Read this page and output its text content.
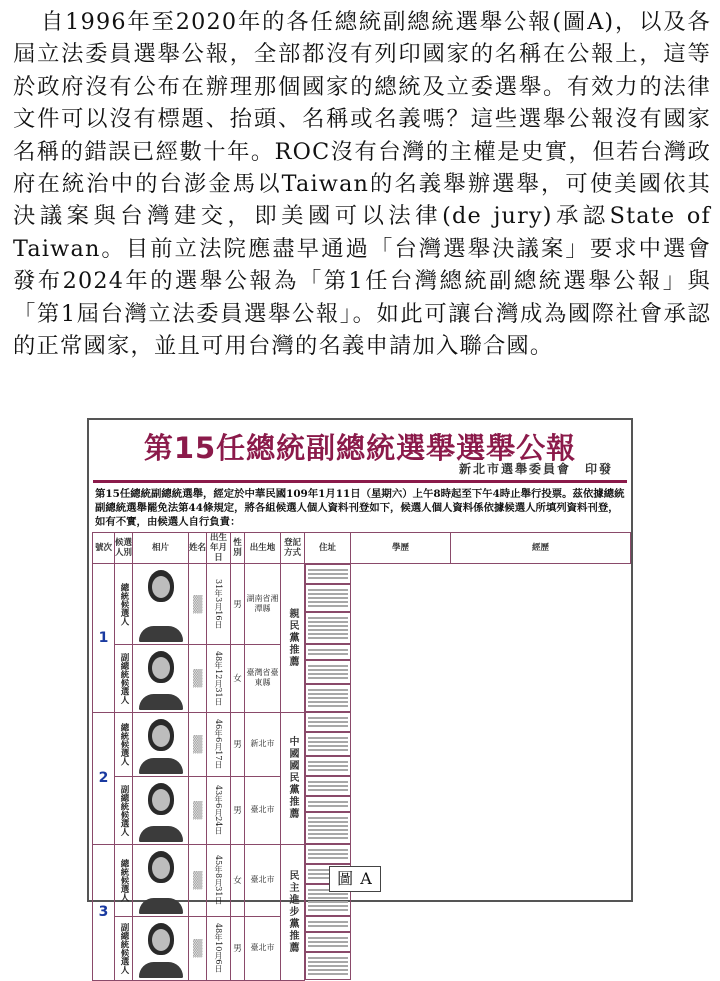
自1996年至2020年的各任總統副總統選舉公報(圖A)，以及各屆立法委員選舉公報，全部都沒有列印國家的名稱在公報上，這等於政府沒有公布在辦理那個國家的總統及立委選舉。有效力的法律文件可以沒有標題、抬頭、名稱或名義嗎？這些選舉公報沒有國家名稱的錯誤已經數十年。ROC沒有台灣的主權是史實，但若台灣政府在統治中的台澎金馬以Taiwan的名義舉辦選舉，可使美國依其決議案與台灣建交，即美國可以法律(de jury)承認State of Taiwan。目前立法院應盡早通過「台灣選舉決議案」要求中選會發布2024年的選舉公報為「第1任台灣總統副總統選舉公報」與「第1屆台灣立法委員選舉公報」。如此可讓台灣成為國際社會承認的正常國家，並且可用台灣的名義申請加入聯合國。

第15任總統副總統選舉選舉公報
新北市選舉委員會　印發
第15任總統副總統選舉，經定於中華民國109年1月11日（星期六）上午8時起至下午4時止舉行投票。茲依據總統副總統選舉罷免法第44條規定，將各組候選人個人資料刊登如下，候選人個人資料係依據候選人所填列資料刊登，如有不實，由候選人自行負責：
號次	候選人別	相片	姓名	出生年月日	性別	出生地	登記方式	住址	學歷	經歷
1	總統候選人		▒▒▒	31年3月16日	男	湖南省湘潭縣	親民黨推薦	

	副總統候選人		▒▒▒	48年12月31日	女	臺灣省臺東縣		

2	總統候選人		▒▒▒	46年6月17日	男	新北市	中國國民黨推薦	

	副總統候選人		▒▒▒	43年6月24日	男	臺北市		

3	總統候選人		▒▒▒	45年8月31日	女	臺北市	民主進步黨推薦	

	副總統候選人		▒▒▒	48年10月6日	男	臺北市		
圖 A
